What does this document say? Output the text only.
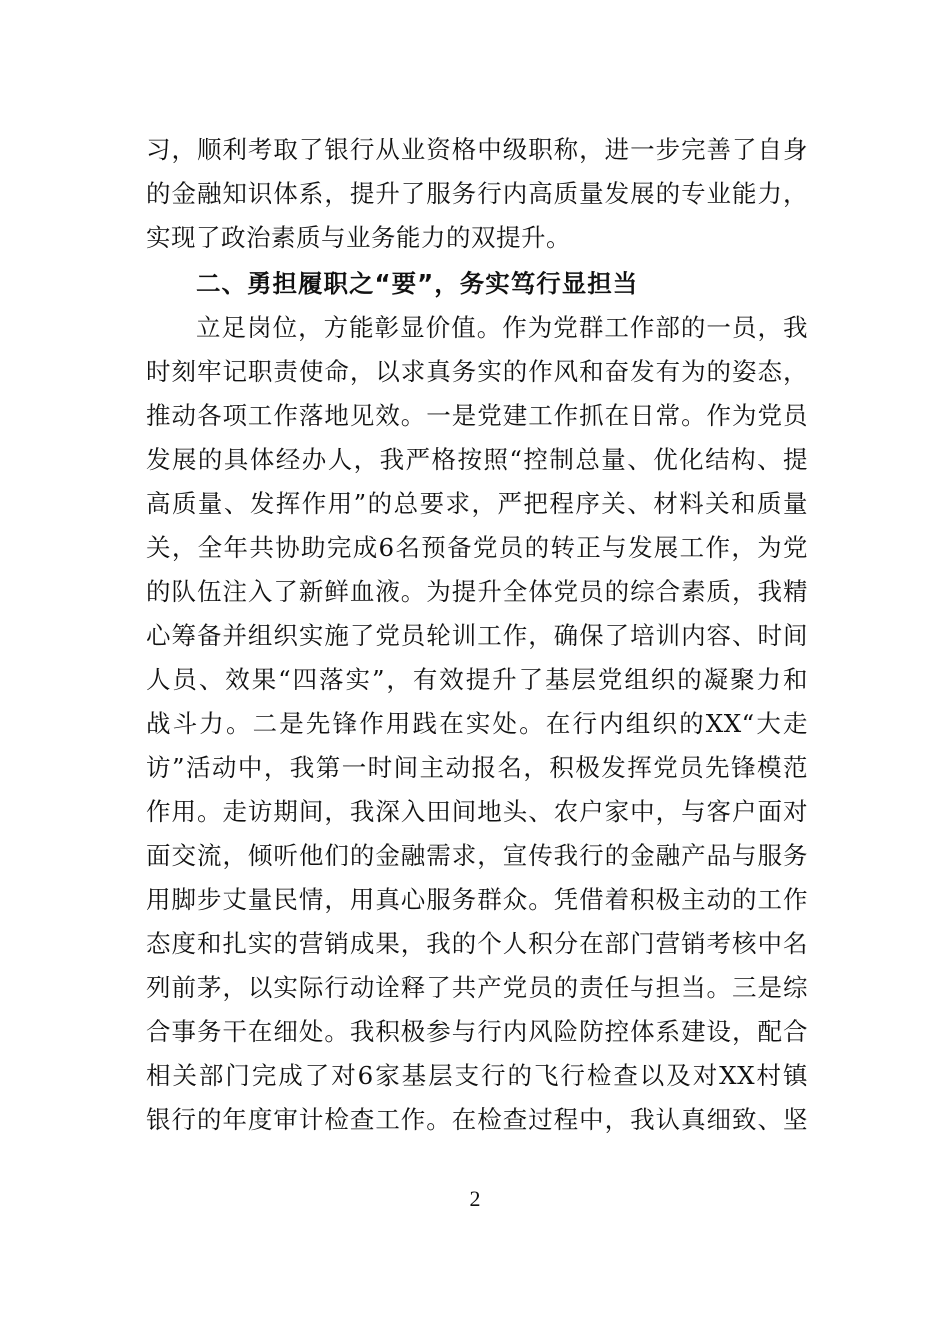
习，顺利考取了银行从业资格中级职称，进一步完善了自身
的金融知识体系，提升了服务行内高质量发展的专业能力，
实现了政治素质与业务能力的双提升。
二、勇担履职之“要”，务实笃行显担当
立足岗位，方能彰显价值。作为党群工作部的一员，我
时刻牢记职责使命，以求真务实的作风和奋发有为的姿态，
推动各项工作落地见效。一是党建工作抓在日常。作为党员
发展的具体经办人，我严格按照“控制总量、优化结构、提
高质量、发挥作用”的总要求，严把程序关、材料关和质量
关，全年共协助完成6名预备党员的转正与发展工作，为党
的队伍注入了新鲜血液。为提升全体党员的综合素质，我精
心筹备并组织实施了党员轮训工作，确保了培训内容、时间
人员、效果“四落实”，有效提升了基层党组织的凝聚力和
战斗力。二是先锋作用践在实处。在行内组织的XX“大走
访”活动中，我第一时间主动报名，积极发挥党员先锋模范
作用。走访期间，我深入田间地头、农户家中，与客户面对
面交流，倾听他们的金融需求，宣传我行的金融产品与服务
用脚步丈量民情，用真心服务群众。凭借着积极主动的工作
态度和扎实的营销成果，我的个人积分在部门营销考核中名
列前茅，以实际行动诠释了共产党员的责任与担当。三是综
合事务干在细处。我积极参与行内风险防控体系建设，配合
相关部门完成了对6家基层支行的飞行检查以及对XX村镇
银行的年度审计检查工作。在检查过程中，我认真细致、坚
2
